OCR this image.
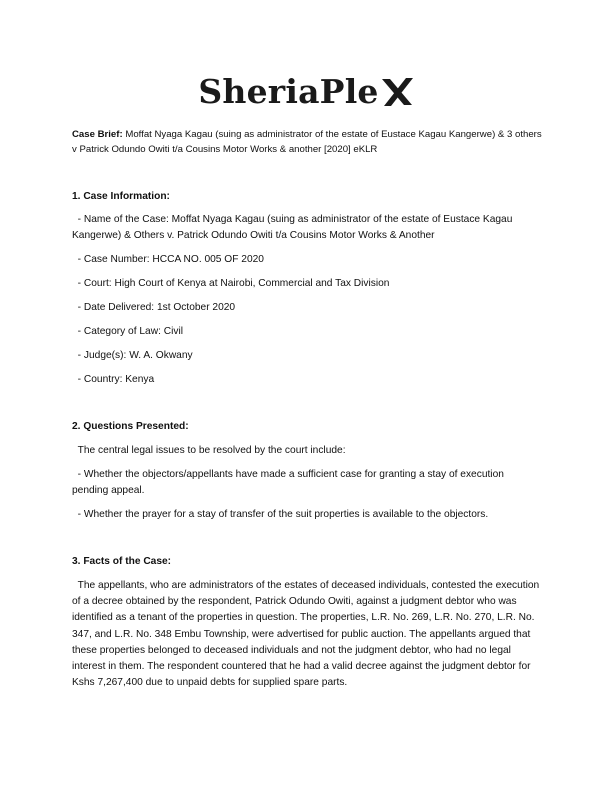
SheriaPle
Case Brief: Moffat Nyaga Kagau (suing as administrator of the estate of Eustace Kagau Kangerwe) & 3 others v Patrick Odundo Owiti t/a Cousins Motor Works & another [2020] eKLR
1. Case Information:
- Name of the Case: Moffat Nyaga Kagau (suing as administrator of the estate of Eustace Kagau Kangerwe) & Others v. Patrick Odundo Owiti t/a Cousins Motor Works & Another
- Case Number: HCCA NO. 005 OF 2020
- Court: High Court of Kenya at Nairobi, Commercial and Tax Division
- Date Delivered: 1st October 2020
- Category of Law: Civil
- Judge(s): W. A. Okwany
- Country: Kenya
2. Questions Presented:
The central legal issues to be resolved by the court include:
- Whether the objectors/appellants have made a sufficient case for granting a stay of execution pending appeal.
- Whether the prayer for a stay of transfer of the suit properties is available to the objectors.
3. Facts of the Case:
The appellants, who are administrators of the estates of deceased individuals, contested the execution of a decree obtained by the respondent, Patrick Odundo Owiti, against a judgment debtor who was identified as a tenant of the properties in question. The properties, L.R. No. 269, L.R. No. 270, L.R. No. 347, and L.R. No. 348 Embu Township, were advertised for public auction. The appellants argued that these properties belonged to deceased individuals and not the judgment debtor, who had no legal interest in them. The respondent countered that he had a valid decree against the judgment debtor for Kshs 7,267,400 due to unpaid debts for supplied spare parts.
